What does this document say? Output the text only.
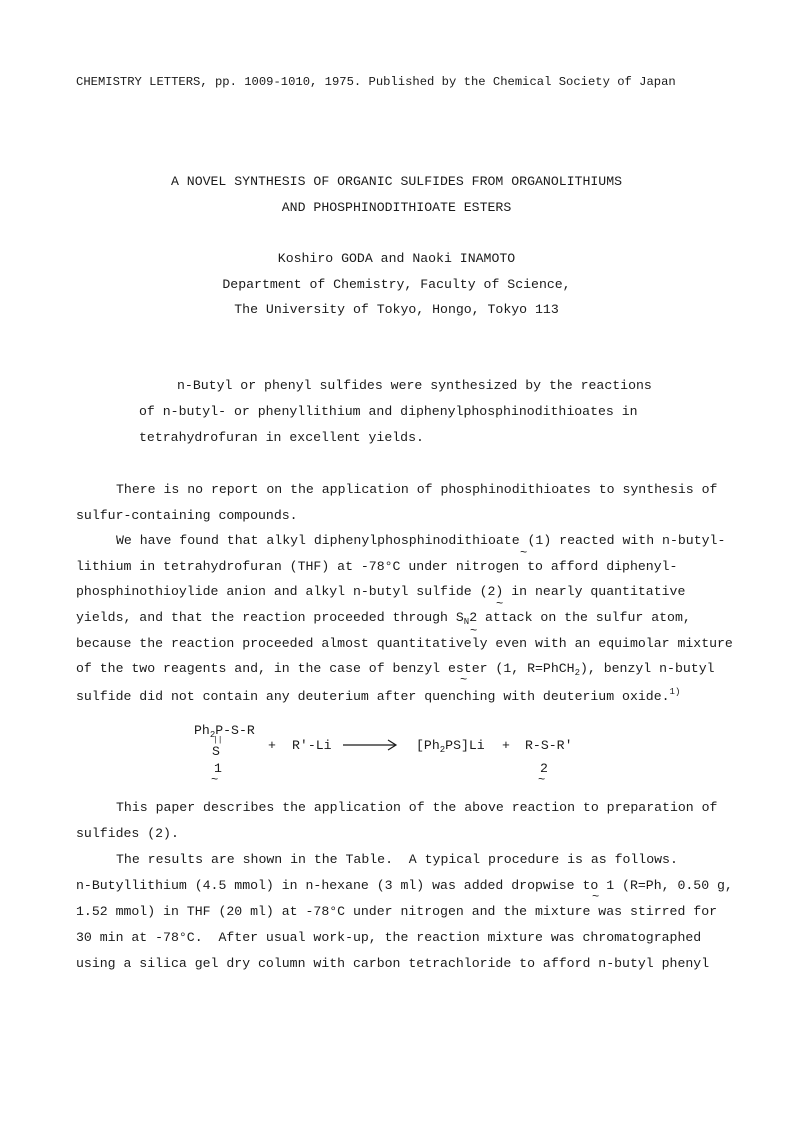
CHEMISTRY LETTERS, pp. 1009-1010, 1975. Published by the Chemical Society of Japan
A NOVEL SYNTHESIS OF ORGANIC SULFIDES FROM ORGANOLITHIUMS
AND PHOSPHINODITHIOATE ESTERS
Koshiro GODA and Naoki INAMOTO
Department of Chemistry, Faculty of Science,
The University of Tokyo, Hongo, Tokyo 113
n-Butyl or phenyl sulfides were synthesized by the reactions
of n-butyl- or phenyllithium and diphenylphosphinodithioates in
tetrahydrofuran in excellent yields.
There is no report on the application of phosphinodithioates to synthesis of
sulfur-containing compounds.
We have found that alkyl diphenylphosphinodithioate (1) reacted with n-butyl-
~
lithium in tetrahydrofuran (THF) at -78°C under nitrogen to afford diphenyl-
phosphinothioylide anion and alkyl n-butyl sulfide (2) in nearly quantitative
~
yields, and that the reaction proceeded through $S_N2$ attack on the sulfur atom,
~
because the reaction proceeded almost quantitatively even with an equimolar mixture
of the two reagents and, in the case of benzyl ester (1, R=PhCH$_2$), benzyl n-butyl
~
sulfide did not contain any deuterium after quenching with deuterium oxide.$^{1)}$
$Ph_2P-S-R$
||
S	+ R'-Li	$[Ph_2PS]Li + R-S-R'$
1
~
2
~
This paper describes the application of the above reaction to preparation of
sulfides (2).
The results are shown in the Table.  A typical procedure is as follows.
n-Butyllithium (4.5 mmol) in n-hexane (3 ml) was added dropwise to 1 (R=Ph, 0.50 g,
~
1.52 mmol) in THF (20 ml) at -78°C under nitrogen and the mixture was stirred for
30 min at -78°C.  After usual work-up, the reaction mixture was chromatographed
using a silica gel dry column with carbon tetrachloride to afford n-butyl phenyl
